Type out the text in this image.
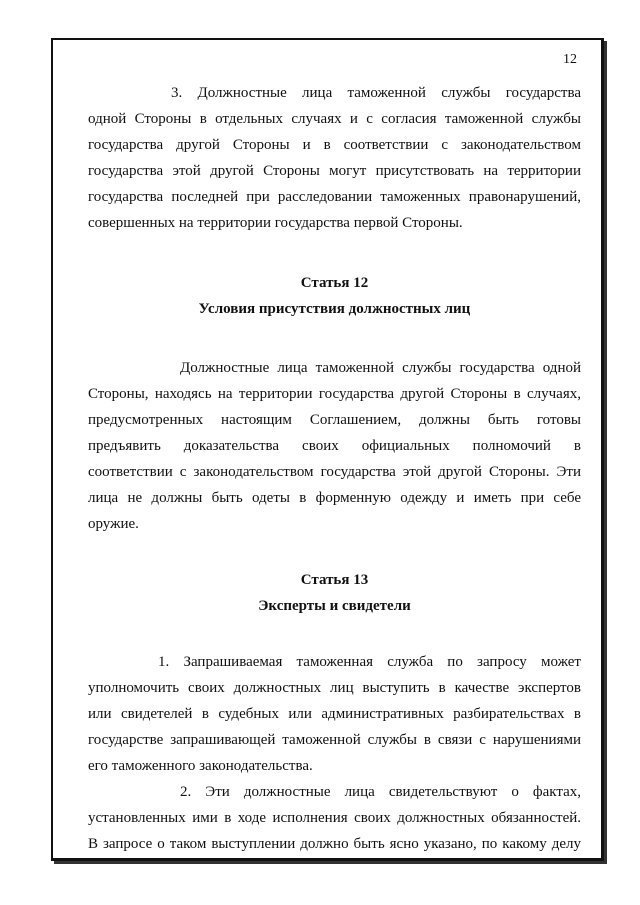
12
3. Должностные лица таможенной службы государства
одной Стороны в отдельных случаях и с согласия таможенной службы
государства другой Стороны и в соответствии с законодательством
государства этой другой Стороны могут присутствовать на территории
государства последней при расследовании таможенных правонарушений,
совершенных на территории государства первой Стороны.
Статья 12
Условия присутствия должностных лиц
Должностные лица таможенной службы государства одной
Стороны, находясь на территории государства другой Стороны в случаях,
предусмотренных настоящим Соглашением, должны быть готовы
предъявить доказательства своих официальных полномочий в
соответствии с законодательством государства этой другой Стороны. Эти
лица не должны быть одеты в форменную одежду и иметь при себе
оружие.
Статья 13
Эксперты и свидетели
1. Запрашиваемая таможенная служба по запросу может
уполномочить своих должностных лиц выступить в качестве экспертов
или свидетелей в судебных или административных разбирательствах в
государстве запрашивающей таможенной службы в связи с нарушениями
его таможенного законодательства.
2. Эти должностные лица свидетельствуют о фактах,
установленных ими в ходе исполнения своих должностных обязанностей.
В запросе о таком выступлении должно быть ясно указано, по какому делу
